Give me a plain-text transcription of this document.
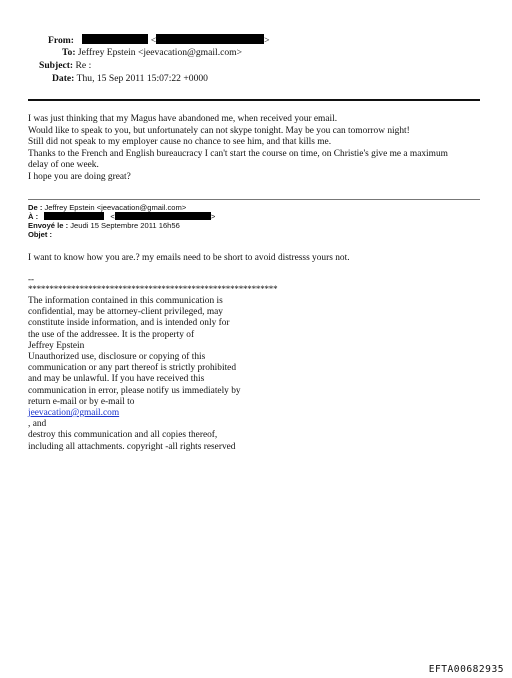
From:	<	>
To: Jeffrey Epstein <jeevacation@gmail.com>
Subject: Re :
Date: Thu, 15 Sep 2011 15:07:22 +0000

I was just thinking that my Magus have abandoned me, when received your email.

Would like to speak to you, but unfortunately can not skype tonight. May be you can tomorrow night!

Still did not speak to my employer cause no chance to see him, and that kills me.

Thanks to the French and English bureaucracy I can't start the course on time, on Christie's give me a maximum

delay of one week.

I hope you are doing great?

De : Jeffrey Epstein <jeevacation@gmail.com>
À :	<	>
Envoyé le : Jeudi 15 Septembre 2011 16h56
Objet :
I want to know how you are.? my emails need to be short to avoid distresss yours not.
--
**********************************************************
The information contained in this communication is
confidential, may be attorney-client privileged, may
constitute inside information, and is intended only for
the use of the addressee. It is the property of
Jeffrey Epstein
Unauthorized use, disclosure or copying of this
communication or any part thereof is strictly prohibited
and may be unlawful. If you have received this
communication in error, please notify us immediately by
return e-mail or by e-mail to
jeevacation@gmail.com
, and
destroy this communication and all copies thereof,
including all attachments. copyright -all rights reserved
EFTA00682935
